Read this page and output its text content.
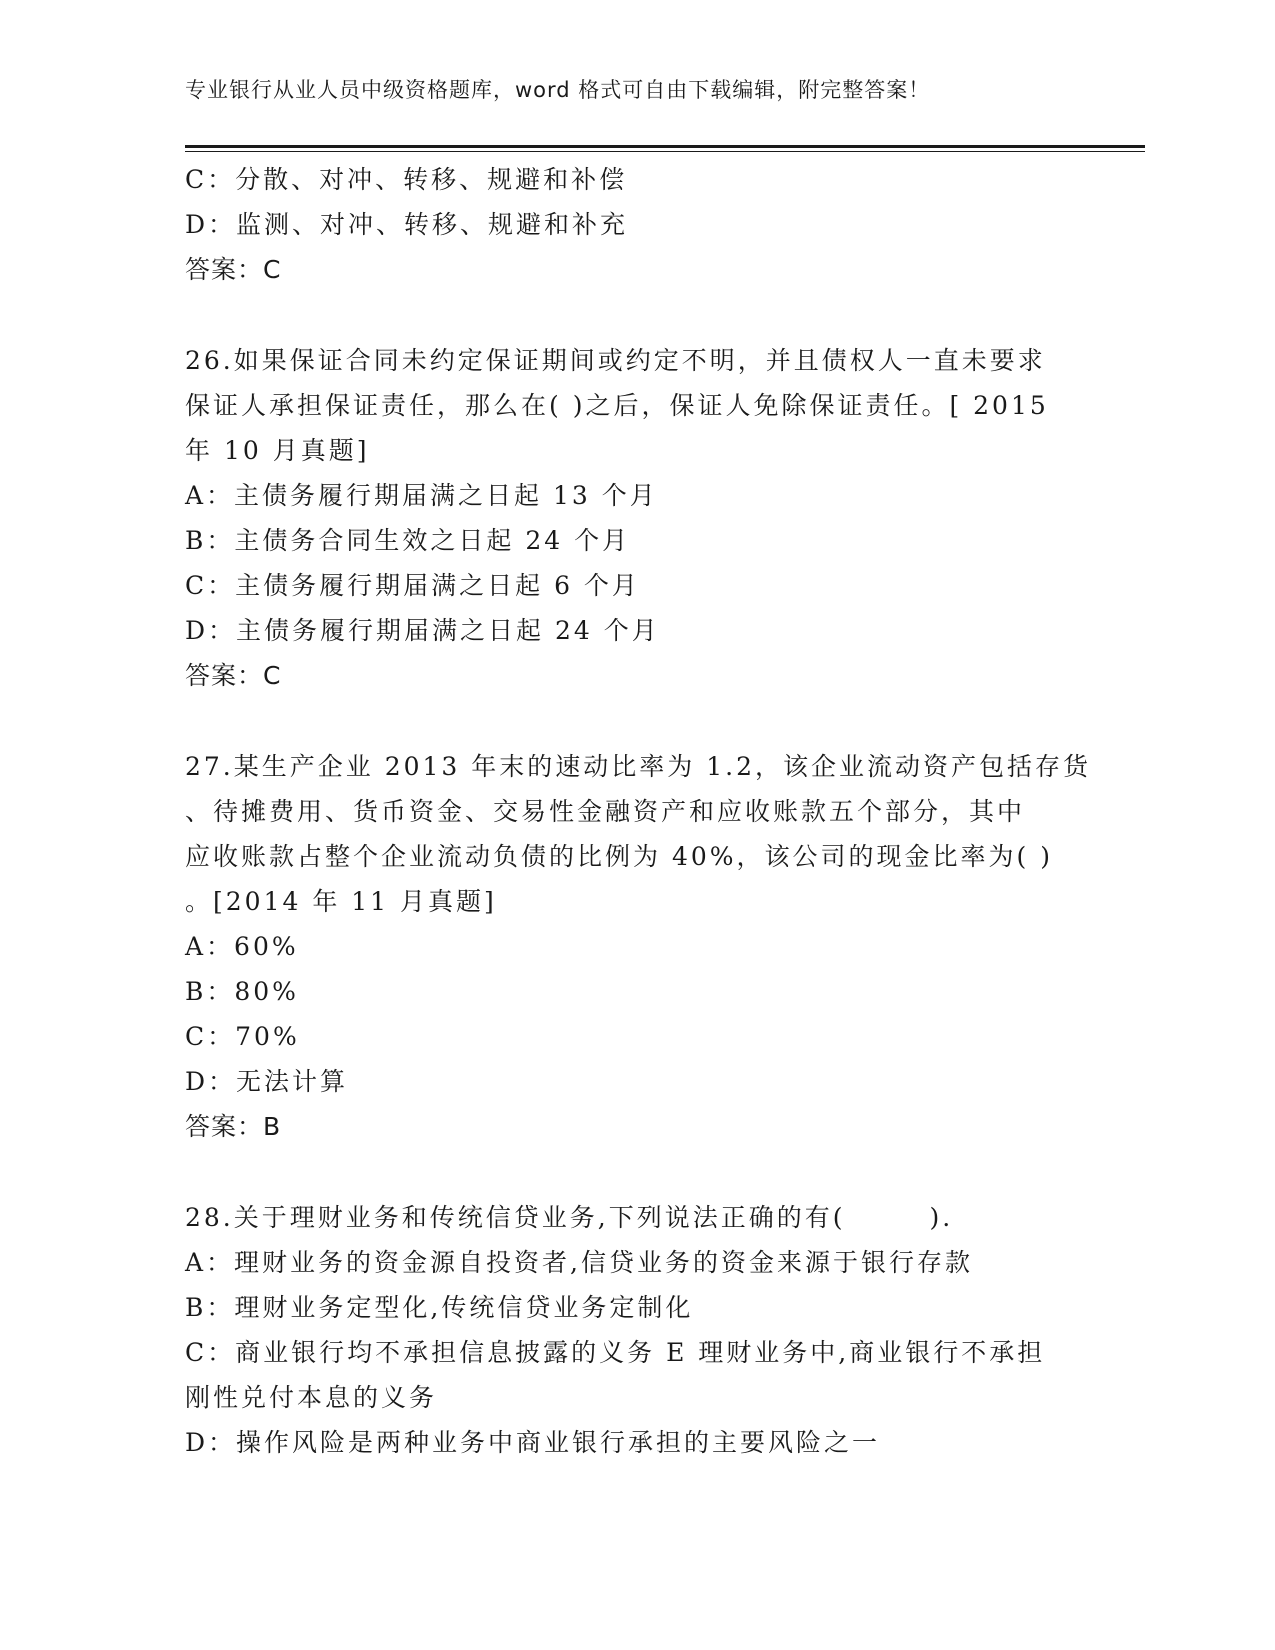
专业银行从业人员中级资格题库，word 格式可自由下载编辑，附完整答案！
C：分散、对冲、转移、规避和补偿
D：监测、对冲、转移、规避和补充
答案：C
26.如果保证合同未约定保证期间或约定不明，并且债权人一直未要求
保证人承担保证责任，那么在( )之后，保证人免除保证责任。[ 2015
年 10 月真题]
A：主债务履行期届满之日起 13 个月
B：主债务合同生效之日起 24 个月
C：主债务履行期届满之日起 6 个月
D：主债务履行期届满之日起 24 个月
答案：C
27.某生产企业 2013 年末的速动比率为 1.2，该企业流动资产包括存货
、待摊费用、货币资金、交易性金融资产和应收账款五个部分，其中
应收账款占整个企业流动负债的比例为 40%，该公司的现金比率为( )
。[2014 年 11 月真题]
A：60%
B：80%
C：70%
D：无法计算
答案：B
28.关于理财业务和传统信贷业务,下列说法正确的有(　　　).
A：理财业务的资金源自投资者,信贷业务的资金来源于银行存款
B：理财业务定型化,传统信贷业务定制化
C：商业银行均不承担信息披露的义务 E 理财业务中,商业银行不承担
刚性兑付本息的义务
D：操作风险是两种业务中商业银行承担的主要风险之一
